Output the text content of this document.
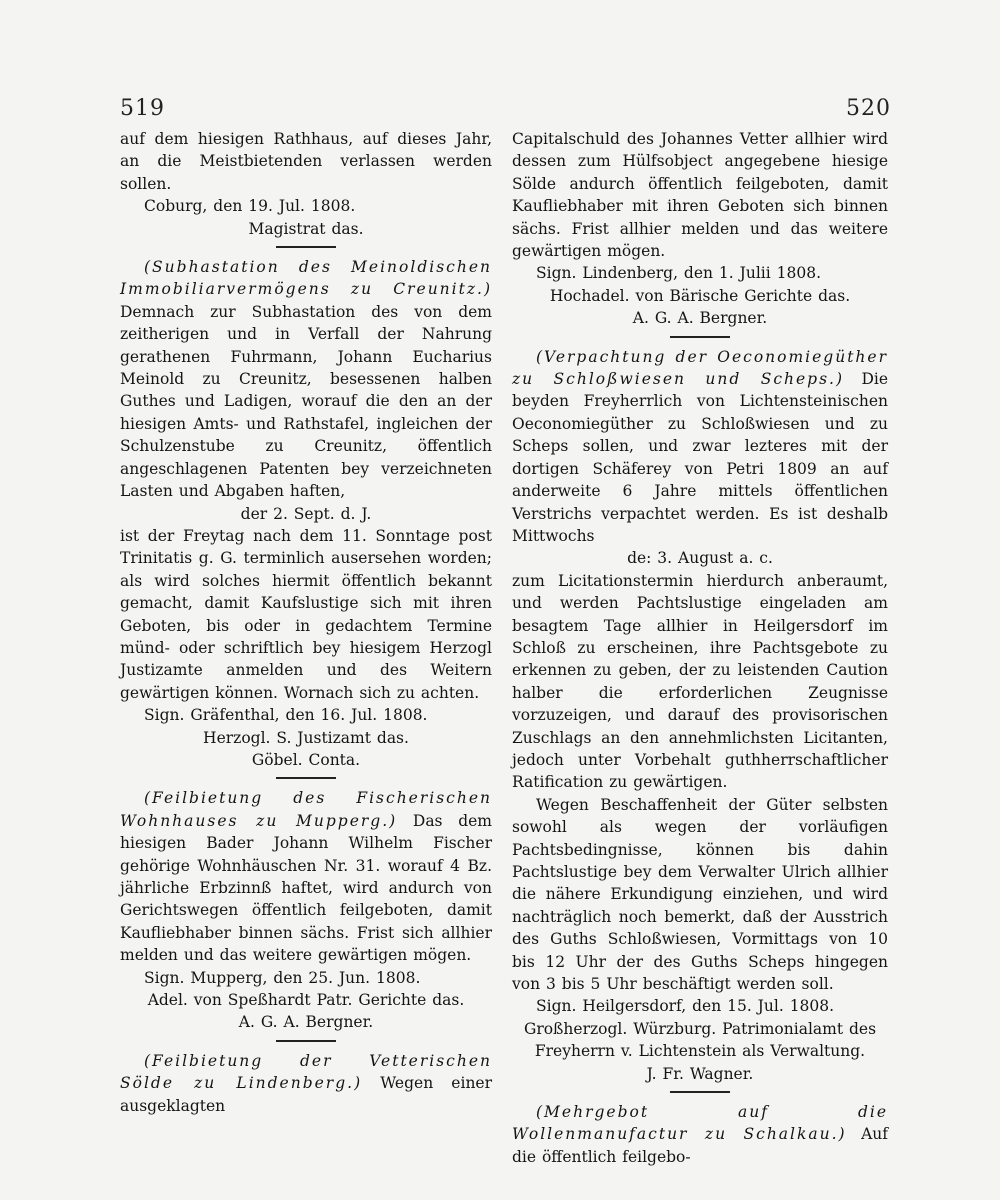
519	520

auf dem hiesigen Rathhaus, auf dieses Jahr, an die Meistbietenden verlassen werden sollen.

Coburg, den 19. Jul. 1808.

Magistrat das.

(Subhastation des Meinoldischen Immobiliarvermögens zu Creunitz.) Demnach zur Subhastation des von dem zeitherigen und in Verfall der Nahrung gerathenen Fuhrmann, Johann Eucharius Meinold zu Creunitz, besessenen halben Guthes und Ladigen, worauf die den an der hiesigen Amts- und Rathstafel, ingleichen der Schulzenstube zu Creunitz, öffentlich angeschlagenen Patenten bey verzeichneten Lasten und Abgaben haften,

der 2. Sept. d. J.

ist der Freytag nach dem 11. Sonntage post Trinitatis g. G. terminlich ausersehen worden; als wird solches hiermit öffentlich bekannt gemacht, damit Kaufslustige sich mit ihren Geboten, bis oder in gedachtem Termine münd- oder schriftlich bey hiesigem Herzogl Justizamte anmelden und des Weitern gewärtigen können. Wornach sich zu achten.

Sign. Gräfenthal, den 16. Jul. 1808.

Herzogl. S. Justizamt das.

Göbel. Conta.

(Feilbietung des Fischerischen Wohnhauses zu Mupperg.) Das dem hiesigen Bader Johann Wilhelm Fischer gehörige Wohnhäuschen Nr. 31. worauf 4 Bz. jährliche Erbzinnß haftet, wird andurch von Gerichtswegen öffentlich feilgeboten, damit Kaufliebhaber binnen sächs. Frist sich allhier melden und das weitere gewärtigen mögen.

Sign. Mupperg, den 25. Jun. 1808.

Adel. von Speßhardt Patr. Gerichte das.

A. G. A. Bergner.

(Feilbietung der Vetterischen Sölde zu Lindenberg.) Wegen einer ausgeklagten

Capitalschuld des Johannes Vetter allhier wird dessen zum Hülfsobject angegebene hiesige Sölde andurch öffentlich feilgeboten, damit Kaufliebhaber mit ihren Geboten sich binnen sächs. Frist allhier melden und das weitere gewärtigen mögen.

Sign. Lindenberg, den 1. Julii 1808.

Hochadel. von Bärische Gerichte das.

A. G. A. Bergner.

(Verpachtung der Oeconomiegüther zu Schloßwiesen und Scheps.) Die beyden Freyherrlich von Lichtensteinischen Oeconomiegüther zu Schloßwiesen und zu Scheps sollen, und zwar lezteres mit der dortigen Schäferey von Petri 1809 an auf anderweite 6 Jahre mittels öffentlichen Verstrichs verpachtet werden. Es ist deshalb Mittwochs

de: 3. August a. c.

zum Licitationstermin hierdurch anberaumt, und werden Pachtslustige eingeladen am besagtem Tage allhier in Heilgersdorf im Schloß zu erscheinen, ihre Pachtsgebote zu erkennen zu geben, der zu leistenden Caution halber die erforderlichen Zeugnisse vorzuzeigen, und darauf des provisorischen Zuschlags an den annehmlichsten Licitanten, jedoch unter Vorbehalt guthherrschaftlicher Ratification zu gewärtigen.

Wegen Beschaffenheit der Güter selbsten sowohl als wegen der vorläufigen Pachtsbedingnisse, können bis dahin Pachtslustige bey dem Verwalter Ulrich allhier die nähere Erkundigung einziehen, und wird nachträglich noch bemerkt, daß der Ausstrich des Guths Schloßwiesen, Vormittags von 10 bis 12 Uhr der des Guths Scheps hingegen von 3 bis 5 Uhr beschäftigt werden soll.

Sign. Heilgersdorf, den 15. Jul. 1808.

Großherzogl. Würzburg. Patrimonialamt des Freyherrn v. Lichtenstein als Verwaltung.

J. Fr. Wagner.

(Mehrgebot auf die Wollenmanufactur zu Schalkau.) Auf die öffentlich feilgebo-
